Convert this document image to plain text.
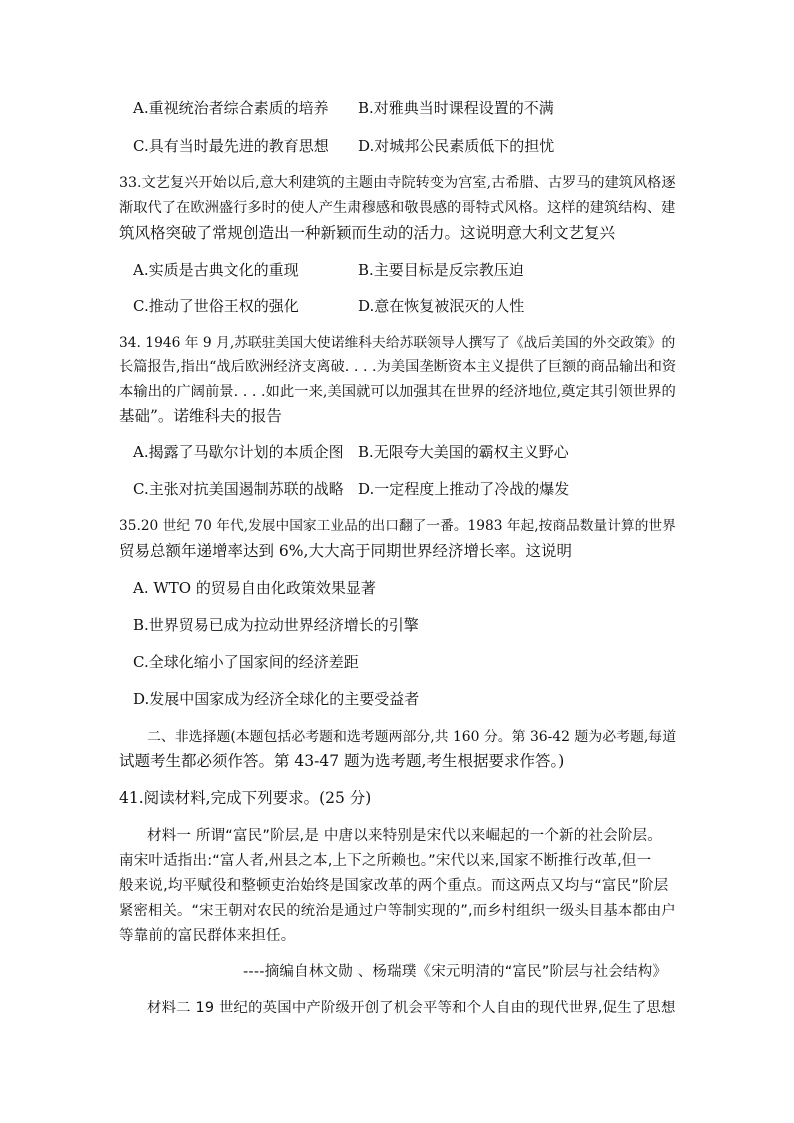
A.重视统治者综合素质的培养 B.对雅典当时课程设置的不满
C.具有当时最先进的教育思想 D.对城邦公民素质低下的担忧
33.文艺复兴开始以后,意大利建筑的主题由寺院转变为宫室,古希腊、古罗马的建筑风格逐
渐取代了在欧洲盛行多时的使人产生肃穆感和敬畏感的哥特式风格。这样的建筑结构、建
筑风格突破了常规创造出一种新颖而生动的活力。这说明意大利文艺复兴
A.实质是古典文化的重现	B.主要目标是反宗教压迫
C.推动了世俗王权的强化	D.意在恢复被泯灭的人性
34. 1946 年 9 月,苏联驻美国大使诺维科夫给苏联领导人撰写了《战后美国的外交政策》的
长篇报告,指出“战后欧洲经济支离破. . . .为美国垄断资本主义提供了巨额的商品输出和资
本输出的广阔前景. . . .如此一来,美国就可以加强其在世界的经济地位,奠定其引领世界的
基础”。诺维科夫的报告
A.揭露了马歇尔计划的本质企图 B.无限夸大美国的霸权主义野心
C.主张对抗美国遏制苏联的战略 D.一定程度上推动了冷战的爆发
35.20 世纪 70 年代,发展中国家工业品的出口翻了一番。1983 年起,按商品数量计算的世界
贸易总额年递增率达到 6%,大大高于同期世界经济增长率。这说明
A. WTO 的贸易自由化政策效果显著
B.世界贸易已成为拉动世界经济增长的引擎
C.全球化缩小了国家间的经济差距
D.发展中国家成为经济全球化的主要受益者
二、非选择题(本题包括必考题和选考题两部分,共 160 分。第 36-42 题为必考题,每道
试题考生都必须作答。第 43-47 题为选考题,考生根据要求作答。)
41.阅读材料,完成下列要求。(25 分)
材料一 所谓“富民”阶层,是 中唐以来特别是宋代以来崛起的一个新的社会阶层。
南宋叶适指出:“富人者,州县之本,上下之所赖也。”宋代以来,国家不断推行改革,但一
般来说,均平赋役和整顿吏治始终是国家改革的两个重点。而这两点又均与“富民”阶层
紧密相关。“宋王朝对农民的统治是通过户等制实现的”,而乡村组织一级头目基本都由户
等靠前的富民群体来担任。
----摘编自林文勋 、杨瑞璞《宋元明清的“富民”阶层与社会结构》
材料二 19 世纪的英国中产阶级开创了机会平等和个人自由的现代世界,促生了思想
